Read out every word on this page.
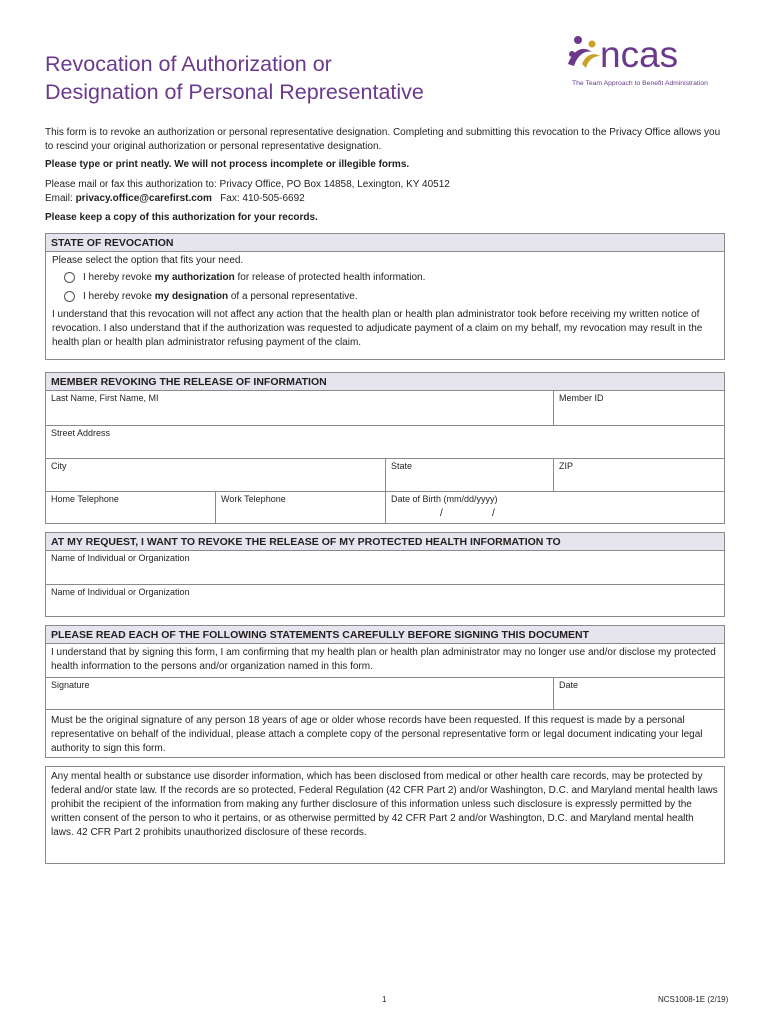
Revocation of Authorization or
Designation of Personal Representative
ncas
The Team Approach to Benefit Administration
This form is to revoke an authorization or personal representative designation. Completing and submitting this revocation to the Privacy Office allows you to rescind your original authorization or personal representative designation.
Please type or print neatly. We will not process incomplete or illegible forms.
Please mail or fax this authorization to: Privacy Office, PO Box 14858, Lexington, KY 40512
Email: privacy.office@carefirst.com Fax: 410-505-6692
Please keep a copy of this authorization for your records.
STATE OF REVOCATION
Please select the option that fits your need.
I hereby revoke my authorization for release of protected health information.
I hereby revoke my designation of a personal representative.
I understand that this revocation will not affect any action that the health plan or health plan administrator took before receiving my written notice of revocation. I also understand that if the authorization was requested to adjudicate payment of a claim on my behalf, my revocation may result in the health plan or health plan administrator refusing payment of the claim.
MEMBER REVOKING THE RELEASE OF INFORMATION
Last Name, First Name, MI	Member ID
Street Address
City	State	ZIP
Home Telephone	Work Telephone	Date of Birth (mm/dd/yyyy)
/	/
AT MY REQUEST, I WANT TO REVOKE THE RELEASE OF MY PROTECTED HEALTH INFORMATION TO
Name of Individual or Organization
Name of Individual or Organization
PLEASE READ EACH OF THE FOLLOWING STATEMENTS CAREFULLY BEFORE SIGNING THIS DOCUMENT
I understand that by signing this form, I am confirming that my health plan or health plan administrator may no longer use and/or disclose my protected health information to the persons and/or organization named in this form.
Signature	Date
Must be the original signature of any person 18 years of age or older whose records have been requested. If this request is made by a personal representative on behalf of the individual, please attach a complete copy of the personal representative form or legal document indicating your legal authority to sign this form.
Any mental health or substance use disorder information, which has been disclosed from medical or other health care records, may be protected by federal and/or state law. If the records are so protected, Federal Regulation (42 CFR Part 2) and/or Washington, D.C. and Maryland mental health laws prohibit the recipient of the information from making any further disclosure of this information unless such disclosure is expressly permitted by the written consent of the person to who it pertains, or as otherwise permitted by 42 CFR Part 2 and/or Washington, D.C. and Maryland mental health laws. 42 CFR Part 2 prohibits unauthorized disclosure of these records.
1	NCS1008-1E (2/19)
